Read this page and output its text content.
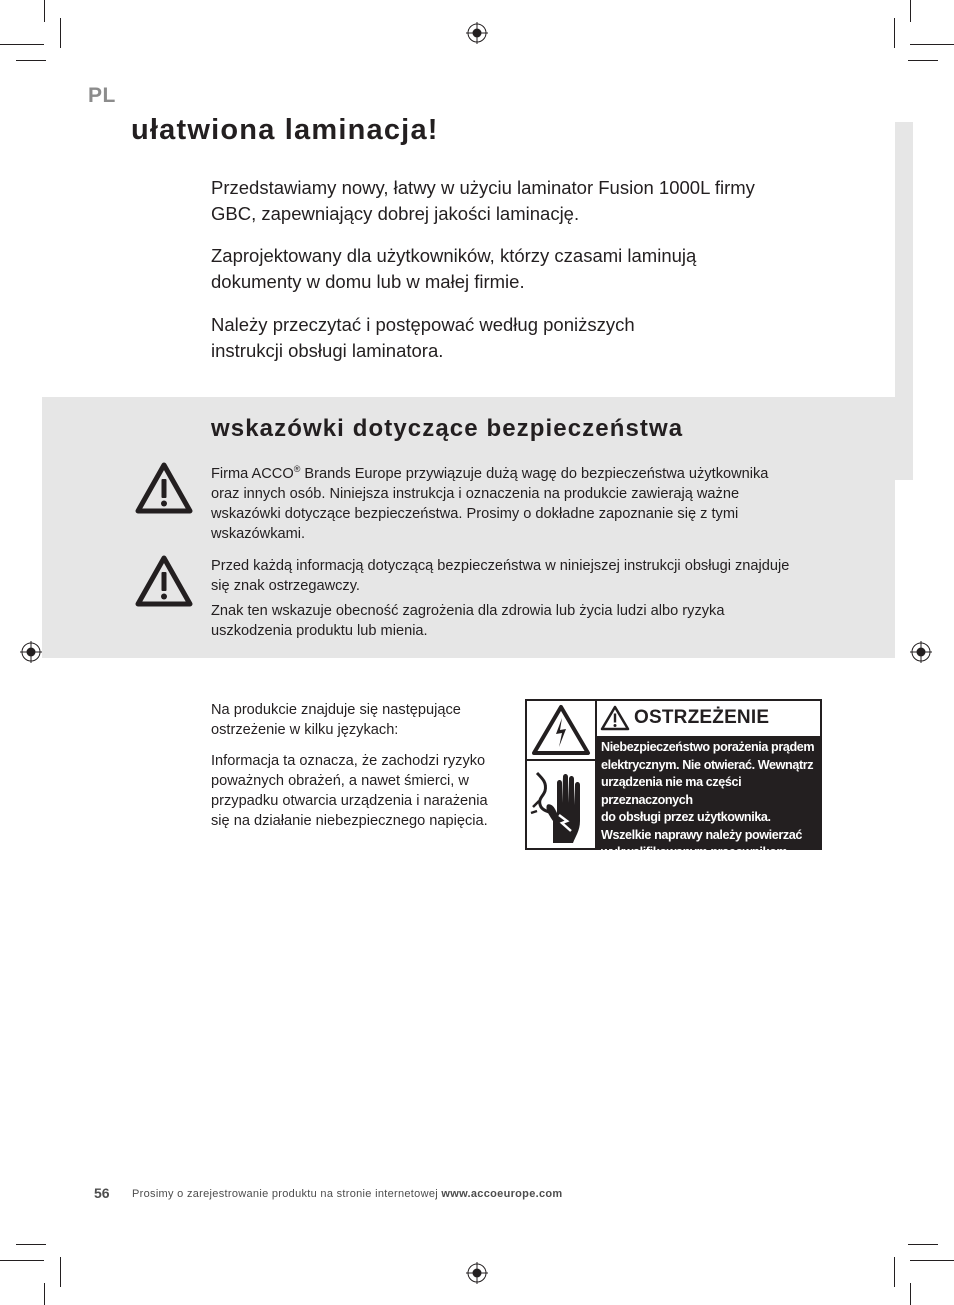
PL
ułatwiona laminacja!

Przedstawiamy nowy, łatwy w użyciu laminator Fusion 1000L firmy GBC, zapewniający dobrej jakości laminację.

Zaprojektowany dla użytkowników, którzy czasami laminują dokumenty w domu lub w małej firmie.

Należy przeczytać i postępować według poniższych instrukcji obsługi laminatora.

wskazówki dotyczące bezpieczeństwa
Firma ACCO® Brands Europe przywiązuje dużą wagę do bezpieczeństwa użytkownika oraz innych osób. Niniejsza instrukcja i oznaczenia na produkcie zawierają ważne wskazówki dotyczące bezpieczeństwa. Prosimy o dokładne zapoznanie się z tymi wskazówkami.
Przed każdą informacją dotyczącą bezpieczeństwa w niniejszej instrukcji obsługi znajduje się znak ostrzegawczy.
Znak ten wskazuje obecność zagrożenia dla zdrowia lub życia ludzi albo ryzyka uszkodzenia produktu lub mienia.
Na produkcie znajduje się następujące ostrzeżenie w kilku językach:
Informacja ta oznacza, że zachodzi ryzyko poważnych obrażeń, a nawet śmierci, w przypadku otwarcia urządzenia i narażenia się na działanie niebezpiecznego napięcia.
OSTRZEŻENIE
Niebezpieczeństwo porażenia prądem
elektrycznym. Nie otwierać. Wewnątrz
urządzenia nie ma części przeznaczonych
do obsługi przez użytkownika.
Wszelkie naprawy należy powierzać
wykwalifikowanym pracownikom serwisu.
56 Prosimy o zarejestrowanie produktu na stronie internetowej www.accoeurope.com
